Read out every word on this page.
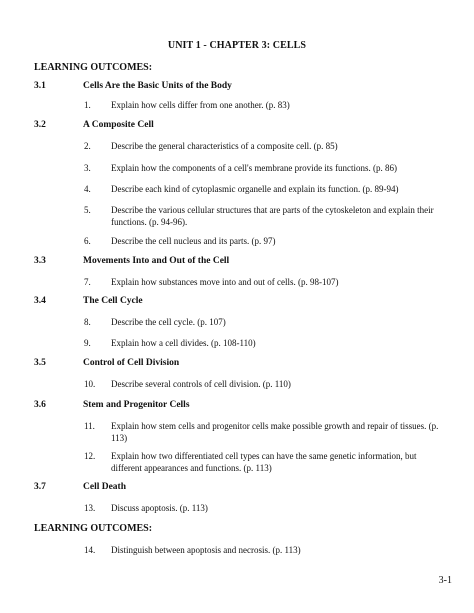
UNIT 1 - CHAPTER 3: CELLS
LEARNING OUTCOMES:
3.1	Cells Are the Basic Units of the Body
1.	Explain how cells differ from one another. (p. 83)
3.2	A Composite Cell
2.	Describe the general characteristics of a composite cell. (p. 85)
3.	Explain how the components of a cell's membrane provide its functions. (p. 86)
4.	Describe each kind of cytoplasmic organelle and explain its function. (p. 89-94)
5.	Describe the various cellular structures that are parts of the cytoskeleton and explain their functions. (p. 94-96).
6.	Describe the cell nucleus and its parts. (p. 97)
3.3	Movements Into and Out of the Cell
7.	Explain how substances move into and out of cells. (p. 98-107)
3.4	The Cell Cycle
8.	Describe the cell cycle. (p. 107)
9.	Explain how a cell divides. (p. 108-110)
3.5	Control of Cell Division
10.	Describe several controls of cell division. (p. 110)
3.6	Stem and Progenitor Cells
11.	Explain how stem cells and progenitor cells make possible growth and repair of tissues. (p. 113)
12.	Explain how two differentiated cell types can have the same genetic information, but different appearances and functions. (p. 113)
3.7	Cell Death
13.	Discuss apoptosis. (p. 113)
LEARNING OUTCOMES:
14.	Distinguish between apoptosis and necrosis. (p. 113)
3-1
